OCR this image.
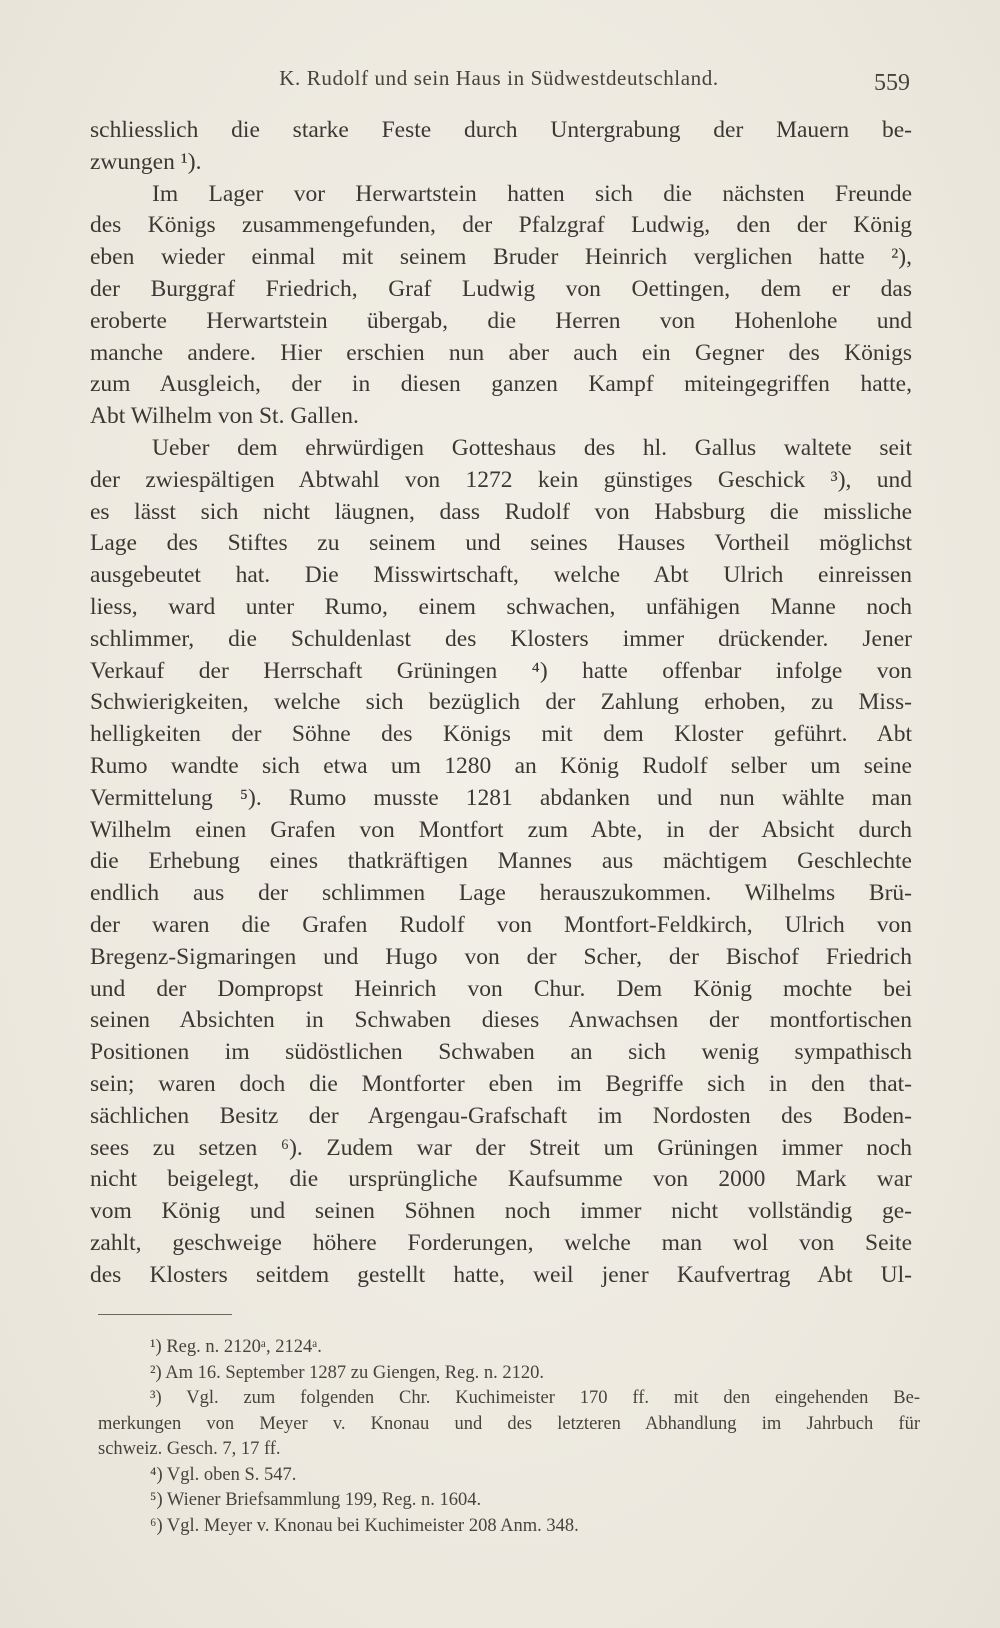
K. Rudolf und sein Haus in Südwestdeutschland.	559
schliesslich die starke Feste durch Untergrabung der Mauern be-
zwungen ¹).
Im Lager vor Herwartstein hatten sich die nächsten Freunde
des Königs zusammengefunden, der Pfalzgraf Ludwig, den der König
eben wieder einmal mit seinem Bruder Heinrich verglichen hatte ²),
der Burggraf Friedrich, Graf Ludwig von Oettingen, dem er das
eroberte Herwartstein übergab, die Herren von Hohenlohe und
manche andere. Hier erschien nun aber auch ein Gegner des Königs
zum Ausgleich, der in diesen ganzen Kampf miteingegriffen hatte,
Abt Wilhelm von St. Gallen.
Ueber dem ehrwürdigen Gotteshaus des hl. Gallus waltete seit
der zwiespältigen Abtwahl von 1272 kein günstiges Geschick ³), und
es lässt sich nicht läugnen, dass Rudolf von Habsburg die missliche
Lage des Stiftes zu seinem und seines Hauses Vortheil möglichst
ausgebeutet hat. Die Misswirtschaft, welche Abt Ulrich einreissen
liess, ward unter Rumo, einem schwachen, unfähigen Manne noch
schlimmer, die Schuldenlast des Klosters immer drückender. Jener
Verkauf der Herrschaft Grüningen ⁴) hatte offenbar infolge von
Schwierigkeiten, welche sich bezüglich der Zahlung erhoben, zu Miss-
helligkeiten der Söhne des Königs mit dem Kloster geführt. Abt
Rumo wandte sich etwa um 1280 an König Rudolf selber um seine
Vermittelung ⁵). Rumo musste 1281 abdanken und nun wählte man
Wilhelm einen Grafen von Montfort zum Abte, in der Absicht durch
die Erhebung eines thatkräftigen Mannes aus mächtigem Geschlechte
endlich aus der schlimmen Lage herauszukommen. Wilhelms Brü-
der waren die Grafen Rudolf von Montfort-Feldkirch, Ulrich von
Bregenz-Sigmaringen und Hugo von der Scher, der Bischof Friedrich
und der Dompropst Heinrich von Chur. Dem König mochte bei
seinen Absichten in Schwaben dieses Anwachsen der montfortischen
Positionen im südöstlichen Schwaben an sich wenig sympathisch
sein; waren doch die Montforter eben im Begriffe sich in den that-
sächlichen Besitz der Argengau-Grafschaft im Nordosten des Boden-
sees zu setzen ⁶). Zudem war der Streit um Grüningen immer noch
nicht beigelegt, die ursprüngliche Kaufsumme von 2000 Mark war
vom König und seinen Söhnen noch immer nicht vollständig ge-
zahlt, geschweige höhere Forderungen, welche man wol von Seite
des Klosters seitdem gestellt hatte, weil jener Kaufvertrag Abt Ul-
¹) Reg. n. 2120ᵃ, 2124ᵃ.
²) Am 16. September 1287 zu Giengen, Reg. n. 2120.
³) Vgl. zum folgenden Chr. Kuchimeister 170 ff. mit den eingehenden Be-
merkungen von Meyer v. Knonau und des letzteren Abhandlung im Jahrbuch für
schweiz. Gesch. 7, 17 ff.
⁴) Vgl. oben S. 547.
⁵) Wiener Briefsammlung 199, Reg. n. 1604.
⁶) Vgl. Meyer v. Knonau bei Kuchimeister 208 Anm. 348.
